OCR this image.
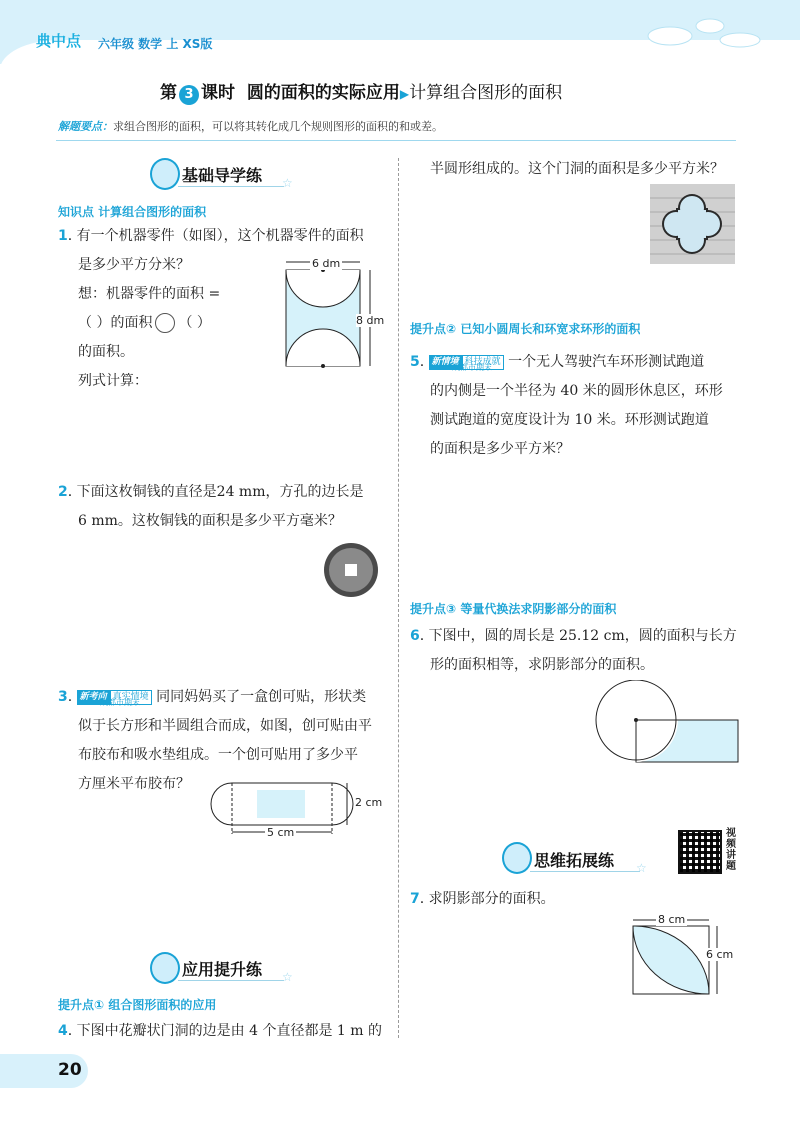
典中点 六年级 数学 上 XS版
第 3 课时 圆的面积的实际应用▶计算组合图形的面积
解题要点：求组合图形的面积，可以将其转化成几个规则图形的面积的和或差。
基础导学练 ☆
知识点 计算组合图形的面积
1. 有一个机器零件（如图），这个机器零件的面积
是多少平方分米？
想：机器零件的面积 =
（ ）的面积 （ ）
的面积。
列式计算：
6 dm
8 dm
2. 下面这枚铜钱的直径是24 mm，方孔的边长是
6 mm。这枚铜钱的面积是多少平方毫米？
3. 新考向 真实情境 同同妈妈买了一盒创可贴，形状类
似于长方形和半圆组合而成，如图，创可贴由平
布胶布和吸水垫组成。一个创可贴用了多少平
方厘米平布胶布？
成都市期末
5 cm
2 cm
应用提升练 ☆
提升点① 组合图形面积的应用
4. 下图中花瓣状门洞的边是由 4 个直径都是 1 m 的
半圆形组成的。这个门洞的面积是多少平方米？
提升点② 已知小圆周长和环宽求环形的面积
5. 新情境 科技成就 一个无人驾驶汽车环形测试跑道
的内侧是一个半径为 40 米的圆形休息区，环形
测试跑道的宽度设计为 10 米。环形测试跑道
的面积是多少平方米？
成都市期末
提升点③ 等量代换法求阴影部分的面积
6. 下图中，圆的周长是 25.12 cm，圆的面积与长方
形的面积相等，求阴影部分的面积。
思维拓展练 ☆
视频讲题
7. 求阴影部分的面积。
8 cm
6 cm
20
